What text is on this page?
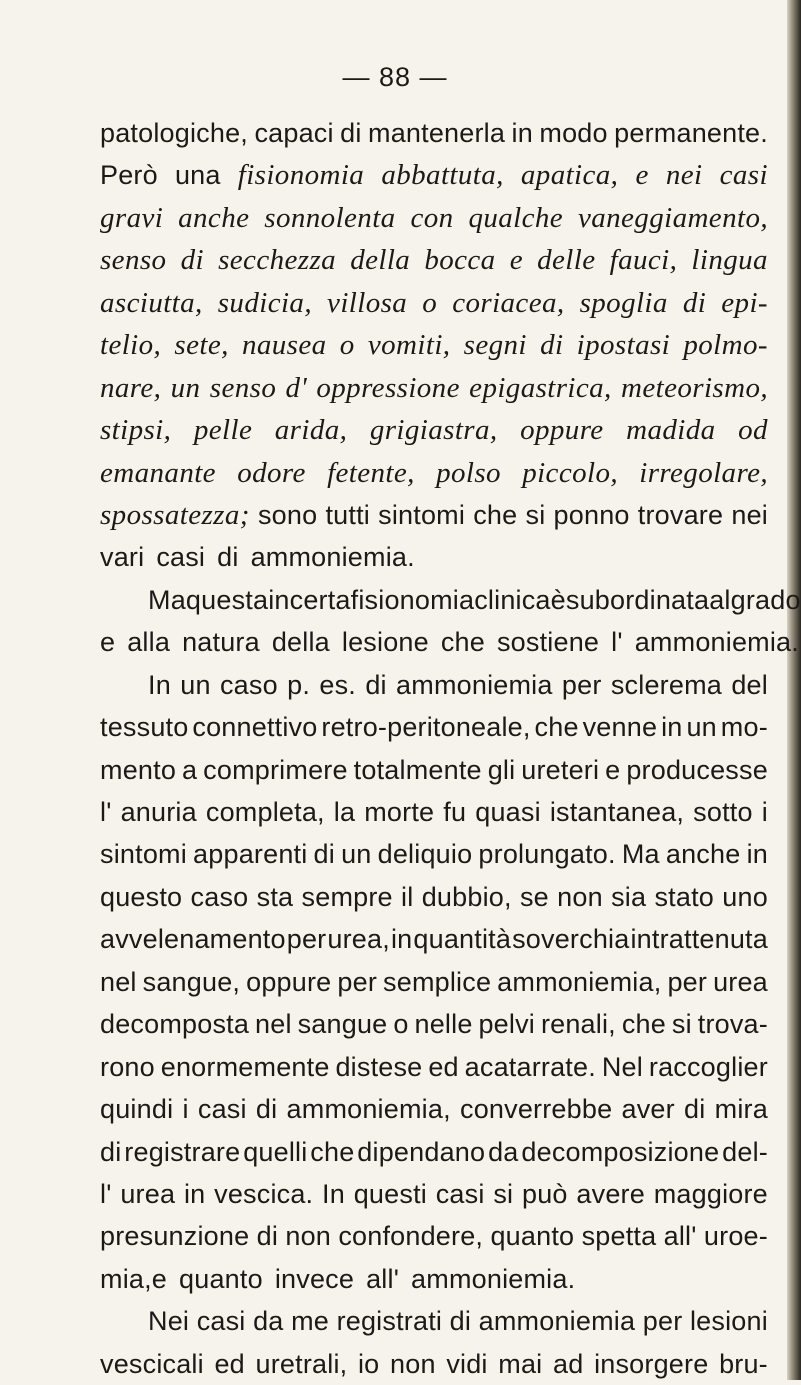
— 88 —
patologiche, capaci di mantenerla in modo permanente.
Però una fisionomia abbattuta, apatica, e nei casi
gravi anche sonnolenta con qualche vaneggiamento,
senso di secchezza della bocca e delle fauci, lingua
asciutta, sudicia, villosa o coriacea, spoglia di epi-
telio, sete, nausea o vomiti, segni di ipostasi polmo-
nare, un senso d' oppressione epigastrica, meteorismo,
stipsi, pelle arida, grigiastra, oppure madida od
emanante odore fetente, polso piccolo, irregolare,
spossatezza; sono tutti sintomi che si ponno trovare nei
vari casi di ammoniemia.
Ma questa incerta fisionomia clinica è subordinata al grado
e alla natura della lesione che sostiene l' ammoniemia.
In un caso p. es. di ammoniemia per sclerema del
tessuto connettivo retro-peritoneale, che venne in un mo-
mento a comprimere totalmente gli ureteri e producesse
l' anuria completa, la morte fu quasi istantanea, sotto i
sintomi apparenti di un deliquio prolungato. Ma anche in
questo caso sta sempre il dubbio, se non sia stato uno
avvelenamento per urea, in quantità soverchia intrattenuta
nel sangue, oppure per semplice ammoniemia, per urea
decomposta nel sangue o nelle pelvi renali, che si trova-
rono enormemente distese ed acatarrate. Nel raccoglier
quindi i casi di ammoniemia, converrebbe aver di mira
di registrare quelli che dipendano da decomposizione del-
l' urea in vescica. In questi casi si può avere maggiore
presunzione di non confondere, quanto spetta all' uroe-
mia,e quanto invece all' ammoniemia.
Nei casi da me registrati di ammoniemia per lesioni
vescicali ed uretrali, io non vidi mai ad insorgere bru-
